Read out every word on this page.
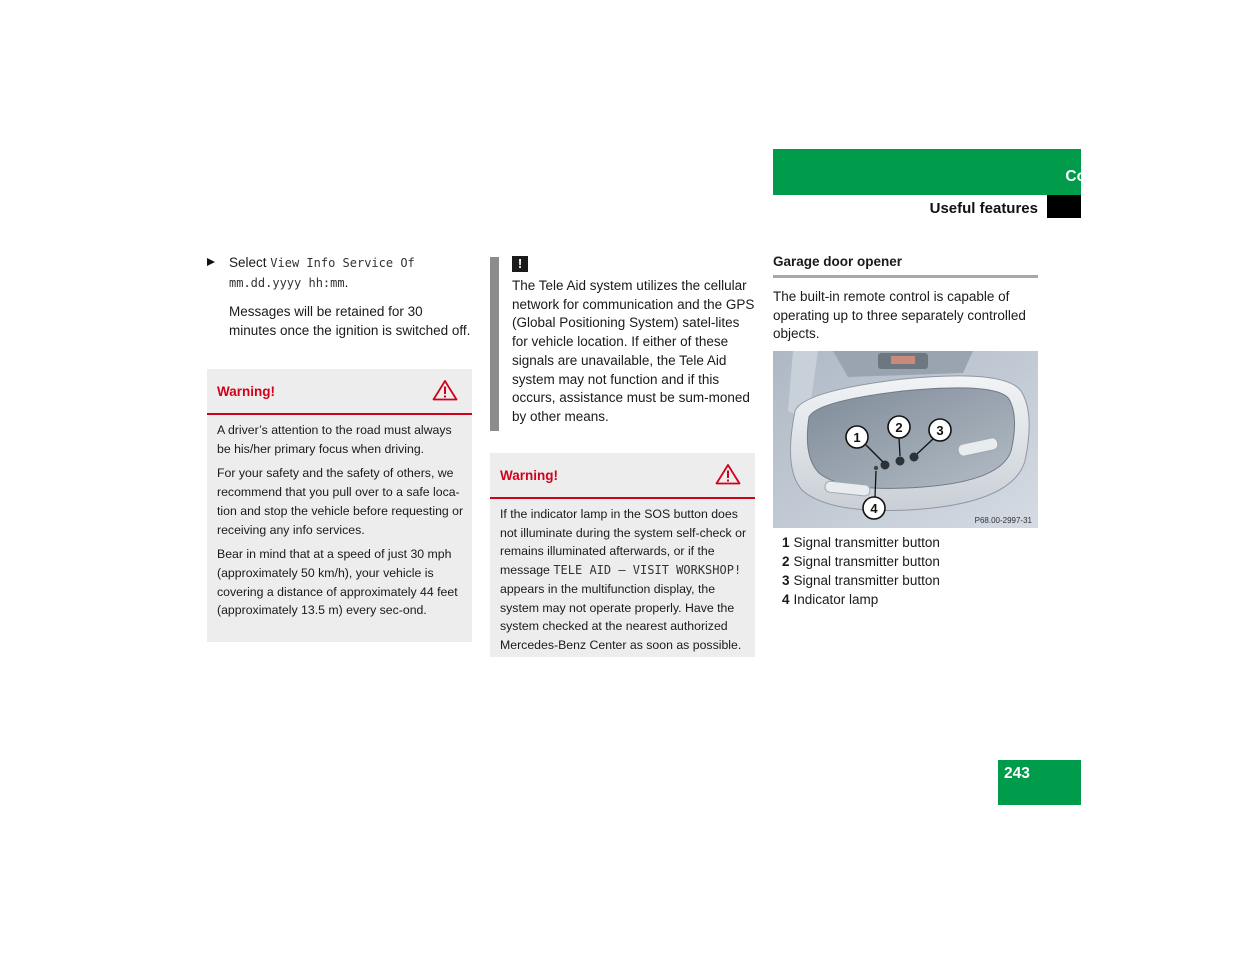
Controls in detail
Useful features
Select View Info Service Of
mm.dd.yyyy hh:mm.
Messages will be retained for 30 minutes once the ignition is switched off.
Warning!

A driver’s attention to the road must always be his/her primary focus when driving.

For your safety and the safety of others, we recommend that you pull over to a safe loca-tion and stop the vehicle before requesting or receiving any info services.

Bear in mind that at a speed of just 30 mph (approximately 50 km/h), your vehicle is covering a distance of approximately 44 feet (approximately 13.5 m) every sec-ond.

!
The Tele Aid system utilizes the cellular network for communication and the GPS (Global Positioning System) satel-lites for vehicle location. If either of these signals are unavailable, the Tele Aid system may not function and if this occurs, assistance must be sum-moned by other means.
Warning!
If the indicator lamp in the SOS button does not illuminate during the system self-check or remains illuminated afterwards, or if the message TELE AID – VISIT WORKSHOP! appears in the multifunction display, the system may not operate properly. Have the system checked at the nearest authorized Mercedes-Benz Center as soon as possible.
Garage door opener
The built-in remote control is capable of operating up to three separately controlled objects.
1
2	3
4
P68.00-2997-31
1 Signal transmitter button
2 Signal transmitter button
3 Signal transmitter button
4 Indicator lamp
243
